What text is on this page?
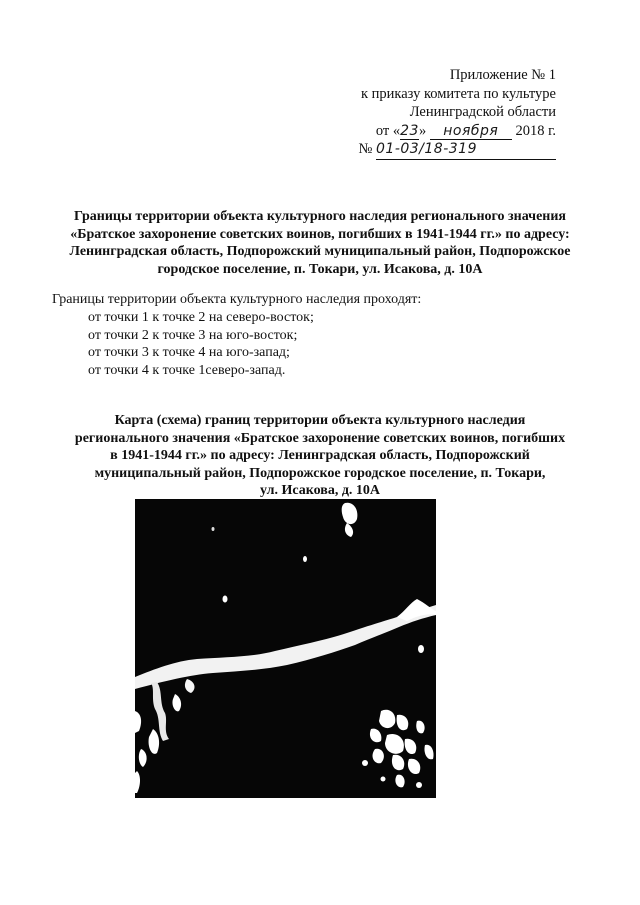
Приложение № 1
к приказу комитета по культуре
Ленинградской области
от «23» ноября 2018 г.
№ 01-03/18-319
Границы территории объекта культурного наследия регионального значения
«Братское захоронение советских воинов, погибших в 1941-1944 гг.» по адресу:
Ленинградская область, Подпорожский муниципальный район, Подпорожское
городское поселение, п. Токари, ул. Исакова, д. 10А
Границы территории объекта культурного наследия проходят:
от точки 1 к точке 2 на северо-восток;
от точки 2 к точке 3 на юго-восток;
от точки 3 к точке 4 на юго-запад;
от точки 4 к точке 1северо-запад.
Карта (схема) границ территории объекта культурного наследия
регионального значения «Братское захоронение советских воинов, погибших
в 1941-1944 гг.» по адресу: Ленинградская область, Подпорожский
муниципальный район, Подпорожское городское поселение, п. Токари,
ул. Исакова, д. 10А
